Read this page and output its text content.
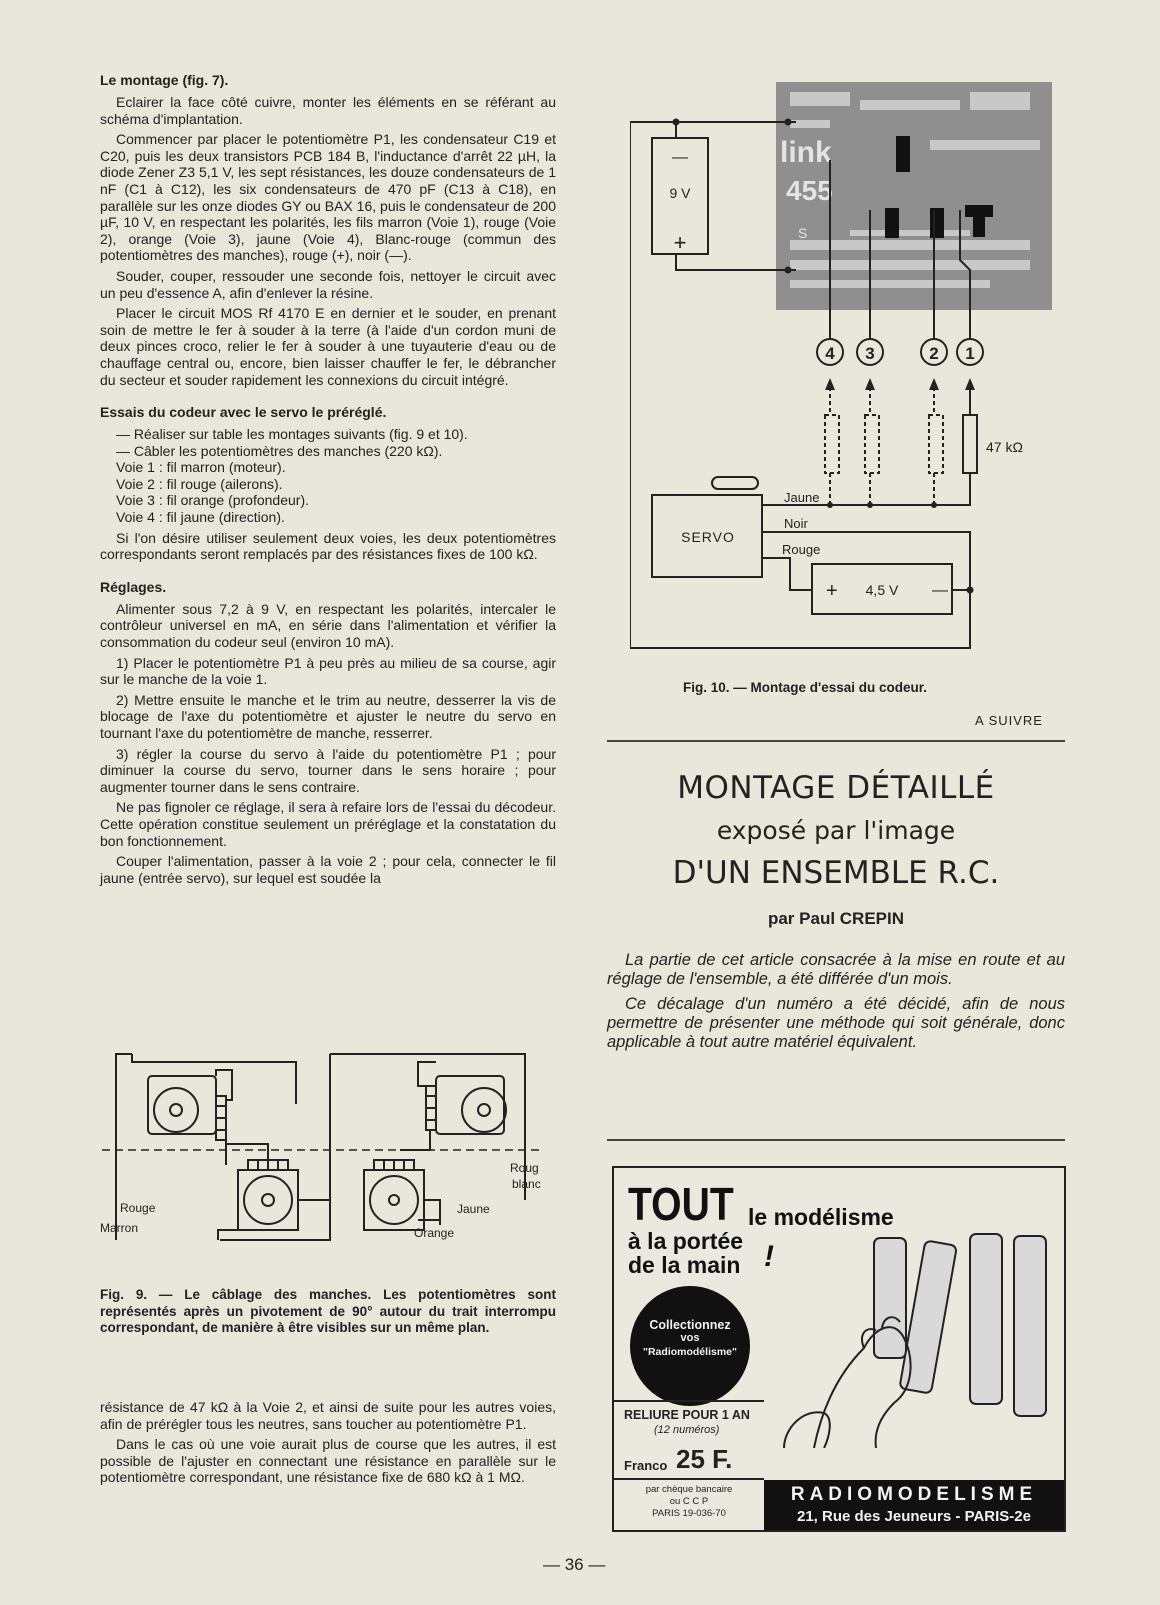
Le montage (fig. 7).

Eclairer la face côté cuivre, monter les éléments en se référant au schéma d'implantation.

Commencer par placer le potentiomètre P1, les condensateur C19 et C20, puis les deux transistors PCB 184 B, l'inductance d'arrêt 22 µH, la diode Zener Z3 5,1 V, les sept résistances, les douze condensateurs de 1 nF (C1 à C12), les six condensateurs de 470 pF (C13 à C18), en parallèle sur les onze diodes GY ou BAX 16, puis le condensateur de 200 µF, 10 V, en respectant les polarités, les fils marron (Voie 1), rouge (Voie 2), orange (Voie 3), jaune (Voie 4), Blanc-rouge (commun des potentiomètres des manches), rouge (+), noir (—).

Souder, couper, ressouder une seconde fois, nettoyer le circuit avec un peu d'essence A, afin d'enlever la résine.

Placer le circuit MOS Rf 4170 E en dernier et le souder, en prenant soin de mettre le fer à souder à la terre (à l'aide d'un cordon muni de deux pinces croco, relier le fer à souder à une tuyauterie d'eau ou de chauffage central ou, encore, bien laisser chauffer le fer, le débrancher du secteur et souder rapidement les connexions du circuit intégré.

Essais du codeur avec le servo le préréglé.

— Réaliser sur table les montages suivants (fig. 9 et 10).

— Câbler les potentiomètres des manches (220 kΩ).

Voie 1 : fil marron (moteur).

Voie 2 : fil rouge (ailerons).

Voie 3 : fil orange (profondeur).

Voie 4 : fil jaune (direction).

Si l'on désire utiliser seulement deux voies, les deux potentiomètres correspondants seront remplacés par des résistances fixes de 100 kΩ.

Réglages.

Alimenter sous 7,2 à 9 V, en respectant les polarités, intercaler le contrôleur universel en mA, en série dans l'alimentation et vérifier la consommation du codeur seul (environ 10 mA).

1) Placer le potentiomètre P1 à peu près au milieu de sa course, agir sur le manche de la voie 1.

2) Mettre ensuite le manche et le trim au neutre, desserrer la vis de blocage de l'axe du potentiomètre et ajuster le neutre du servo en tournant l'axe du potentiomètre de manche, resserrer.

3) régler la course du servo à l'aide du potentiomètre P1 ; pour diminuer la course du servo, tourner dans le sens horaire ; pour augmenter tourner dans le sens contraire.

Ne pas fignoler ce réglage, il sera à refaire lors de l'essai du décodeur. Cette opération constitue seulement un préréglage et la constatation du bon fonctionnement.

Couper l'alimentation, passer à la voie 2 ; pour cela, connecter le fil jaune (entrée servo), sur lequel est soudée la

Rouge
Marron	Orange
Jaune
Roug
blanc
Fig. 9. — Le câblage des manches. Les potentiomètres sont représentés après un pivotement de 90° autour du trait interrompu correspondant, de manière à être visibles sur un même plan.

résistance de 47 kΩ à la Voie 2, et ainsi de suite pour les autres voies, afin de prérégler tous les neutres, sans toucher au potentiomètre P1.

Dans le cas où une voie aurait plus de course que les autres, il est possible de l'ajuster en connectant une résistance en parallèle sur le potentiomètre correspondant, une résistance fixe de 680 kΩ à 1 MΩ.

link
455
S
4 3	2 1
—
9 V
+
47 kΩ
SERVO
Jaune
Noir
Rouge
+ 4,5 V —
Fig. 10. — Montage d'essai du codeur.
A SUIVRE
MONTAGE DÉTAILLÉ
exposé par l'image
D'UN ENSEMBLE R.C.
par Paul CREPIN

La partie de cet article consacrée à la mise en route et au réglage de l'ensemble, a été différée d'un mois.

Ce décalage d'un numéro a été décidé, afin de nous permettre de présenter une méthode qui soit générale, donc applicable à tout autre matériel équivalent.

TOUT le modélisme
à la portée
de la main !
Collectionnez
vos
"Radiomodélisme"
RELIURE POUR 1 AN
(12 numéros)
Franco 25 F.
par chèque bancaire
ou C C P
PARIS 19-036-70
RADIOMODELISME
21, Rue des Jeuneurs - PARIS-2e
— 36 —
